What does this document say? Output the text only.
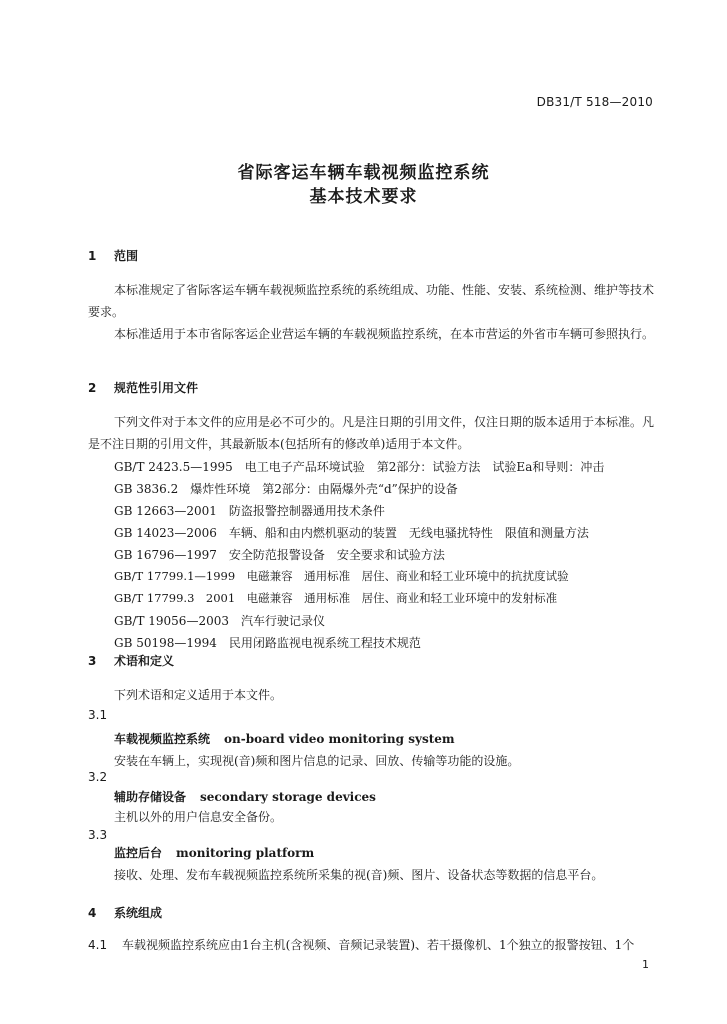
DB31/T 518—2010
省际客运车辆车载视频监控系统
基本技术要求
1 范围

本标准规定了省际客运车辆车载视频监控系统的系统组成、功能、性能、安装、系统检测、维护等技术要求。

本标准适用于本市省际客运企业营运车辆的车载视频监控系统，在本市营运的外省市车辆可参照执行。

2 规范性引用文件

下列文件对于本文件的应用是必不可少的。凡是注日期的引用文件，仅注日期的版本适用于本标准。凡是不注日期的引用文件，其最新版本(包括所有的修改单)适用于本文件。

GB/T 2423.5—1995　电工电子产品环境试验　第2部分：试验方法　试验Ea和导则：冲击
GB 3836.2　爆炸性环境　第2部分：由隔爆外壳“d”保护的设备
GB 12663—2001　防盗报警控制器通用技术条件
GB 14023—2006　车辆、船和由内燃机驱动的装置　无线电骚扰特性　限值和测量方法
GB 16796—1997　安全防范报警设备　安全要求和试验方法
GB/T 17799.1—1999　电磁兼容　通用标准　居住、商业和轻工业环境中的抗扰度试验
GB/T 17799.3　2001　电磁兼容　通用标准　居住、商业和轻工业环境中的发射标准
GB/T 19056—2003　汽车行驶记录仪
GB 50198—1994　民用闭路监视电视系统工程技术规范
3 术语和定义
下列术语和定义适用于本文件。
3.1
车载视频监控系统 on-board video monitoring system
安装在车辆上，实现视(音)频和图片信息的记录、回放、传输等功能的设施。
3.2
辅助存储设备 secondary storage devices
主机以外的用户信息安全备份。
3.3
监控后台 monitoring platform
接收、处理、发布车载视频监控系统所采集的视(音)频、图片、设备状态等数据的信息平台。
4 系统组成
4.1 车载视频监控系统应由1台主机(含视频、音频记录装置)、若干摄像机、1个独立的报警按钮、1个
1
